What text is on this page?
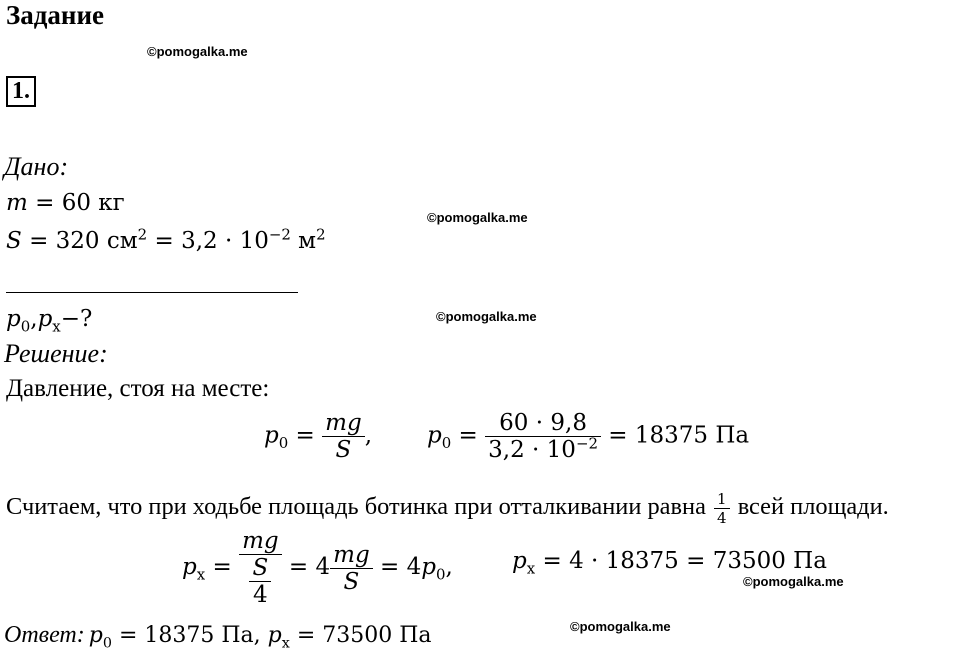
Задание
©pomogalka.me
1.
Дано:
m = 60 кг
©pomogalka.me
S = 320 $см^2 = 3,2 \cdot 10^{-2}$ $м^2$
$p_0,p_x-$?	©pomogalka.me
Решение:
Давление, стоя на месте:
$p_0 = \frac{mg}{S}$ , $p_0 = \frac{60 \cdot 9,8}{3,2 \cdot 10^{-2}} = 18375$ Па
Считаем, что при ходьбе площадь ботинка при отталкивании равна $\frac{1}{4}$ всей площади.
$p_x = \frac{mg}{\frac{S}{4}} = 4 \frac{mg}{S} = 4p_0$,	$p_x = 4 \cdot 18375 = 73500$ Па
©pomogalka.me
Ответ: $p_0 = 18375$ Па, $p_x = 73500$ Па	©pomogalka.me
